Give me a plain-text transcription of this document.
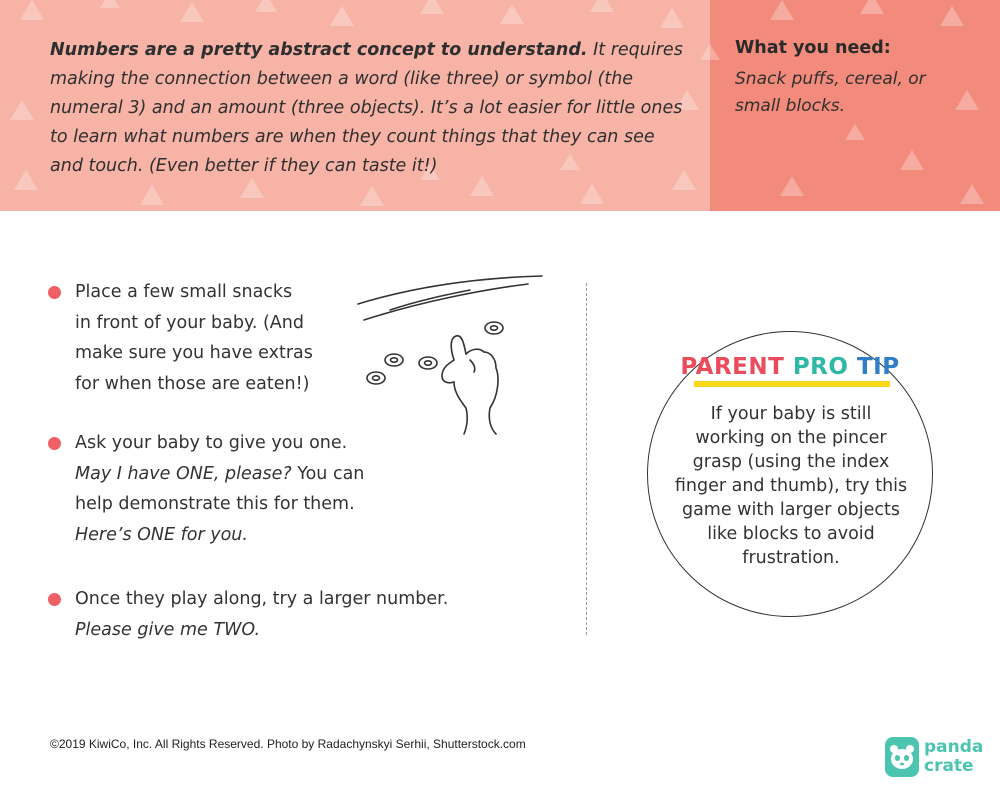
Numbers are a pretty abstract concept to understand. It requires making the connection between a word (like three) or symbol (the numeral 3) and an amount (three objects). It’s a lot easier for little ones to learn what numbers are when they count things that they can see and touch. (Even better if they can taste it!)

What you need:
Snack puffs, cereal, or small blocks.
Place a few small snacks
in front of your baby. (And
make sure you have extras
for when those are eaten!)
Ask your baby to give you one.
May I have ONE, please? You can
help demonstrate this for them.
Here’s ONE for you.
Once they play along, try a larger number.
Please give me TWO.
PARENT PRO TIP
If your baby is still
working on the pincer
grasp (using the index
finger and thumb), try this
game with larger objects
like blocks to avoid
frustration.
©2019 KiwiCo, Inc. All Rights Reserved. Photo by Radachynskyi Serhii, Shutterstock.com	panda
crate
